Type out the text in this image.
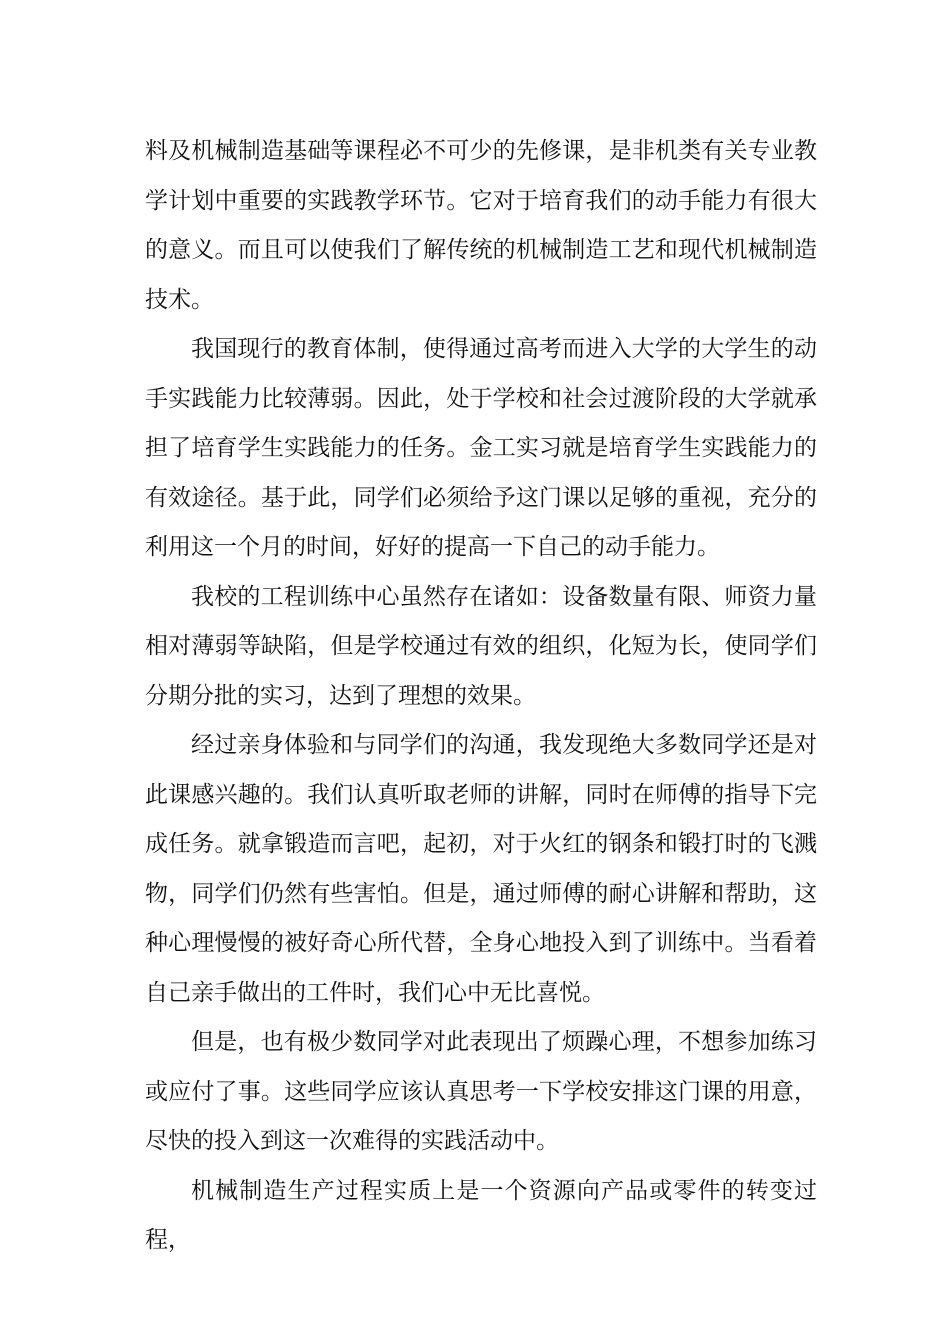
料及机械制造基础等课程必不可少的先修课，是非机类有关专业教学计划中重要的实践教学环节。它对于培育我们的动手能力有很大的意义。而且可以使我们了解传统的机械制造工艺和现代机械制造技术。

我国现行的教育体制，使得通过高考而进入大学的大学生的动手实践能力比较薄弱。因此，处于学校和社会过渡阶段的大学就承担了培育学生实践能力的任务。金工实习就是培育学生实践能力的有效途径。基于此，同学们必须给予这门课以足够的重视，充分的利用这一个月的时间，好好的提高一下自己的动手能力。

我校的工程训练中心虽然存在诸如：设备数量有限、师资力量相对薄弱等缺陷，但是学校通过有效的组织，化短为长，使同学们分期分批的实习，达到了理想的效果。

经过亲身体验和与同学们的沟通，我发现绝大多数同学还是对此课感兴趣的。我们认真听取老师的讲解，同时在师傅的指导下完成任务。就拿锻造而言吧，起初，对于火红的钢条和锻打时的飞溅物，同学们仍然有些害怕。但是，通过师傅的耐心讲解和帮助，这种心理慢慢的被好奇心所代替，全身心地投入到了训练中。当看着自己亲手做出的工件时，我们心中无比喜悦。

但是，也有极少数同学对此表现出了烦躁心理，不想参加练习或应付了事。这些同学应该认真思考一下学校安排这门课的用意，尽快的投入到这一次难得的实践活动中。

机械制造生产过程实质上是一个资源向产品或零件的转变过程，
